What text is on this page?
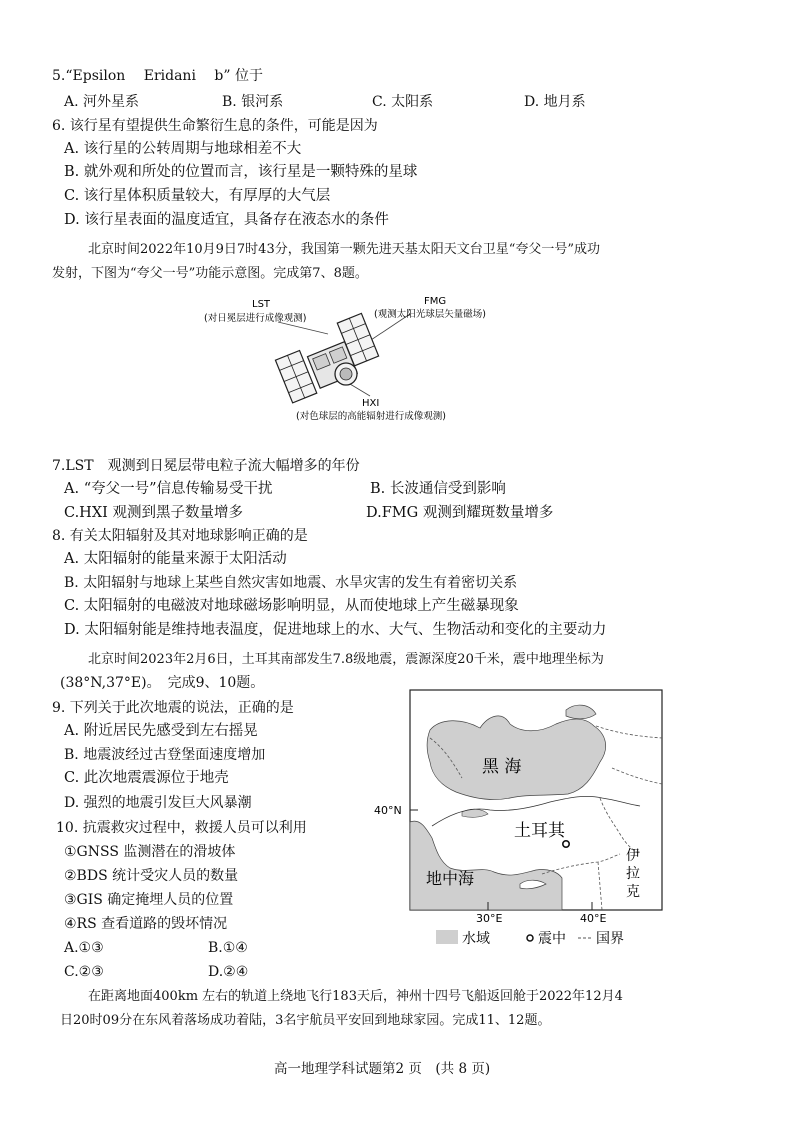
5.“Epsilon　 Eridani　 b” 位于
A. 河外星系	B. 银河系	C. 太阳系	D. 地月系
6. 该行星有望提供生命繁衍生息的条件，可能是因为
A. 该行星的公转周期与地球相差不大
B. 就外观和所处的位置而言，该行星是一颗特殊的星球
C. 该行星体积质量较大，有厚厚的大气层
D. 该行星表面的温度适宜，具备存在液态水的条件
北京时间2022年10月9日7时43分，我国第一颗先进天基太阳天文台卫星“夸父一号”成功
发射，下图为“夸父一号”功能示意图。完成第7、8题。
LST
(对日冕层进行成像观测)
FMG
(观测太阳光球层矢量磁场)
HXI
(对色球层的高能辐射进行成像观测)
7.LST　观测到日冕层带电粒子流大幅增多的年份
A. “夸父一号”信息传输易受干扰	B. 长波通信受到影响
C.HXI 观测到黑子数量增多	D.FMG 观测到耀斑数量增多
8. 有关太阳辐射及其对地球影响正确的是
A. 太阳辐射的能量来源于太阳活动
B. 太阳辐射与地球上某些自然灾害如地震、水旱灾害的发生有着密切关系
C. 太阳辐射的电磁波对地球磁场影响明显，从而使地球上产生磁暴现象
D. 太阳辐射能是维持地表温度，促进地球上的水、大气、生物活动和变化的主要动力
北京时间2023年2月6日，土耳其南部发生7.8级地震，震源深度20千米，震中地理坐标为
(38°N,37°E)。　完成9、10题。
9. 下列关于此次地震的说法，正确的是
A. 附近居民先感受到左右摇晃
B. 地震波经过古登堡面速度增加
C. 此次地震震源位于地壳
D. 强烈的地震引发巨大风暴潮
10. 抗震救灾过程中，救援人员可以利用
①GNSS 监测潜在的滑坡体
②BDS 统计受灾人员的数量
③GIS 确定掩埋人员的位置
④RS 查看道路的毁坏情况
A.①③	B.①④
C.②③	D.②④
黑 海
土耳其
地中海
伊
拉
克
40°N
30°E	40°E
水域	震中 国界
在距离地面400km 左右的轨道上绕地飞行183天后，神州十四号飞船返回舱于2022年12月4
日20时09分在东风着落场成功着陆，3名宇航员平安回到地球家园。完成11、12题。
高一地理学科试题第2 页　(共 8 页)
